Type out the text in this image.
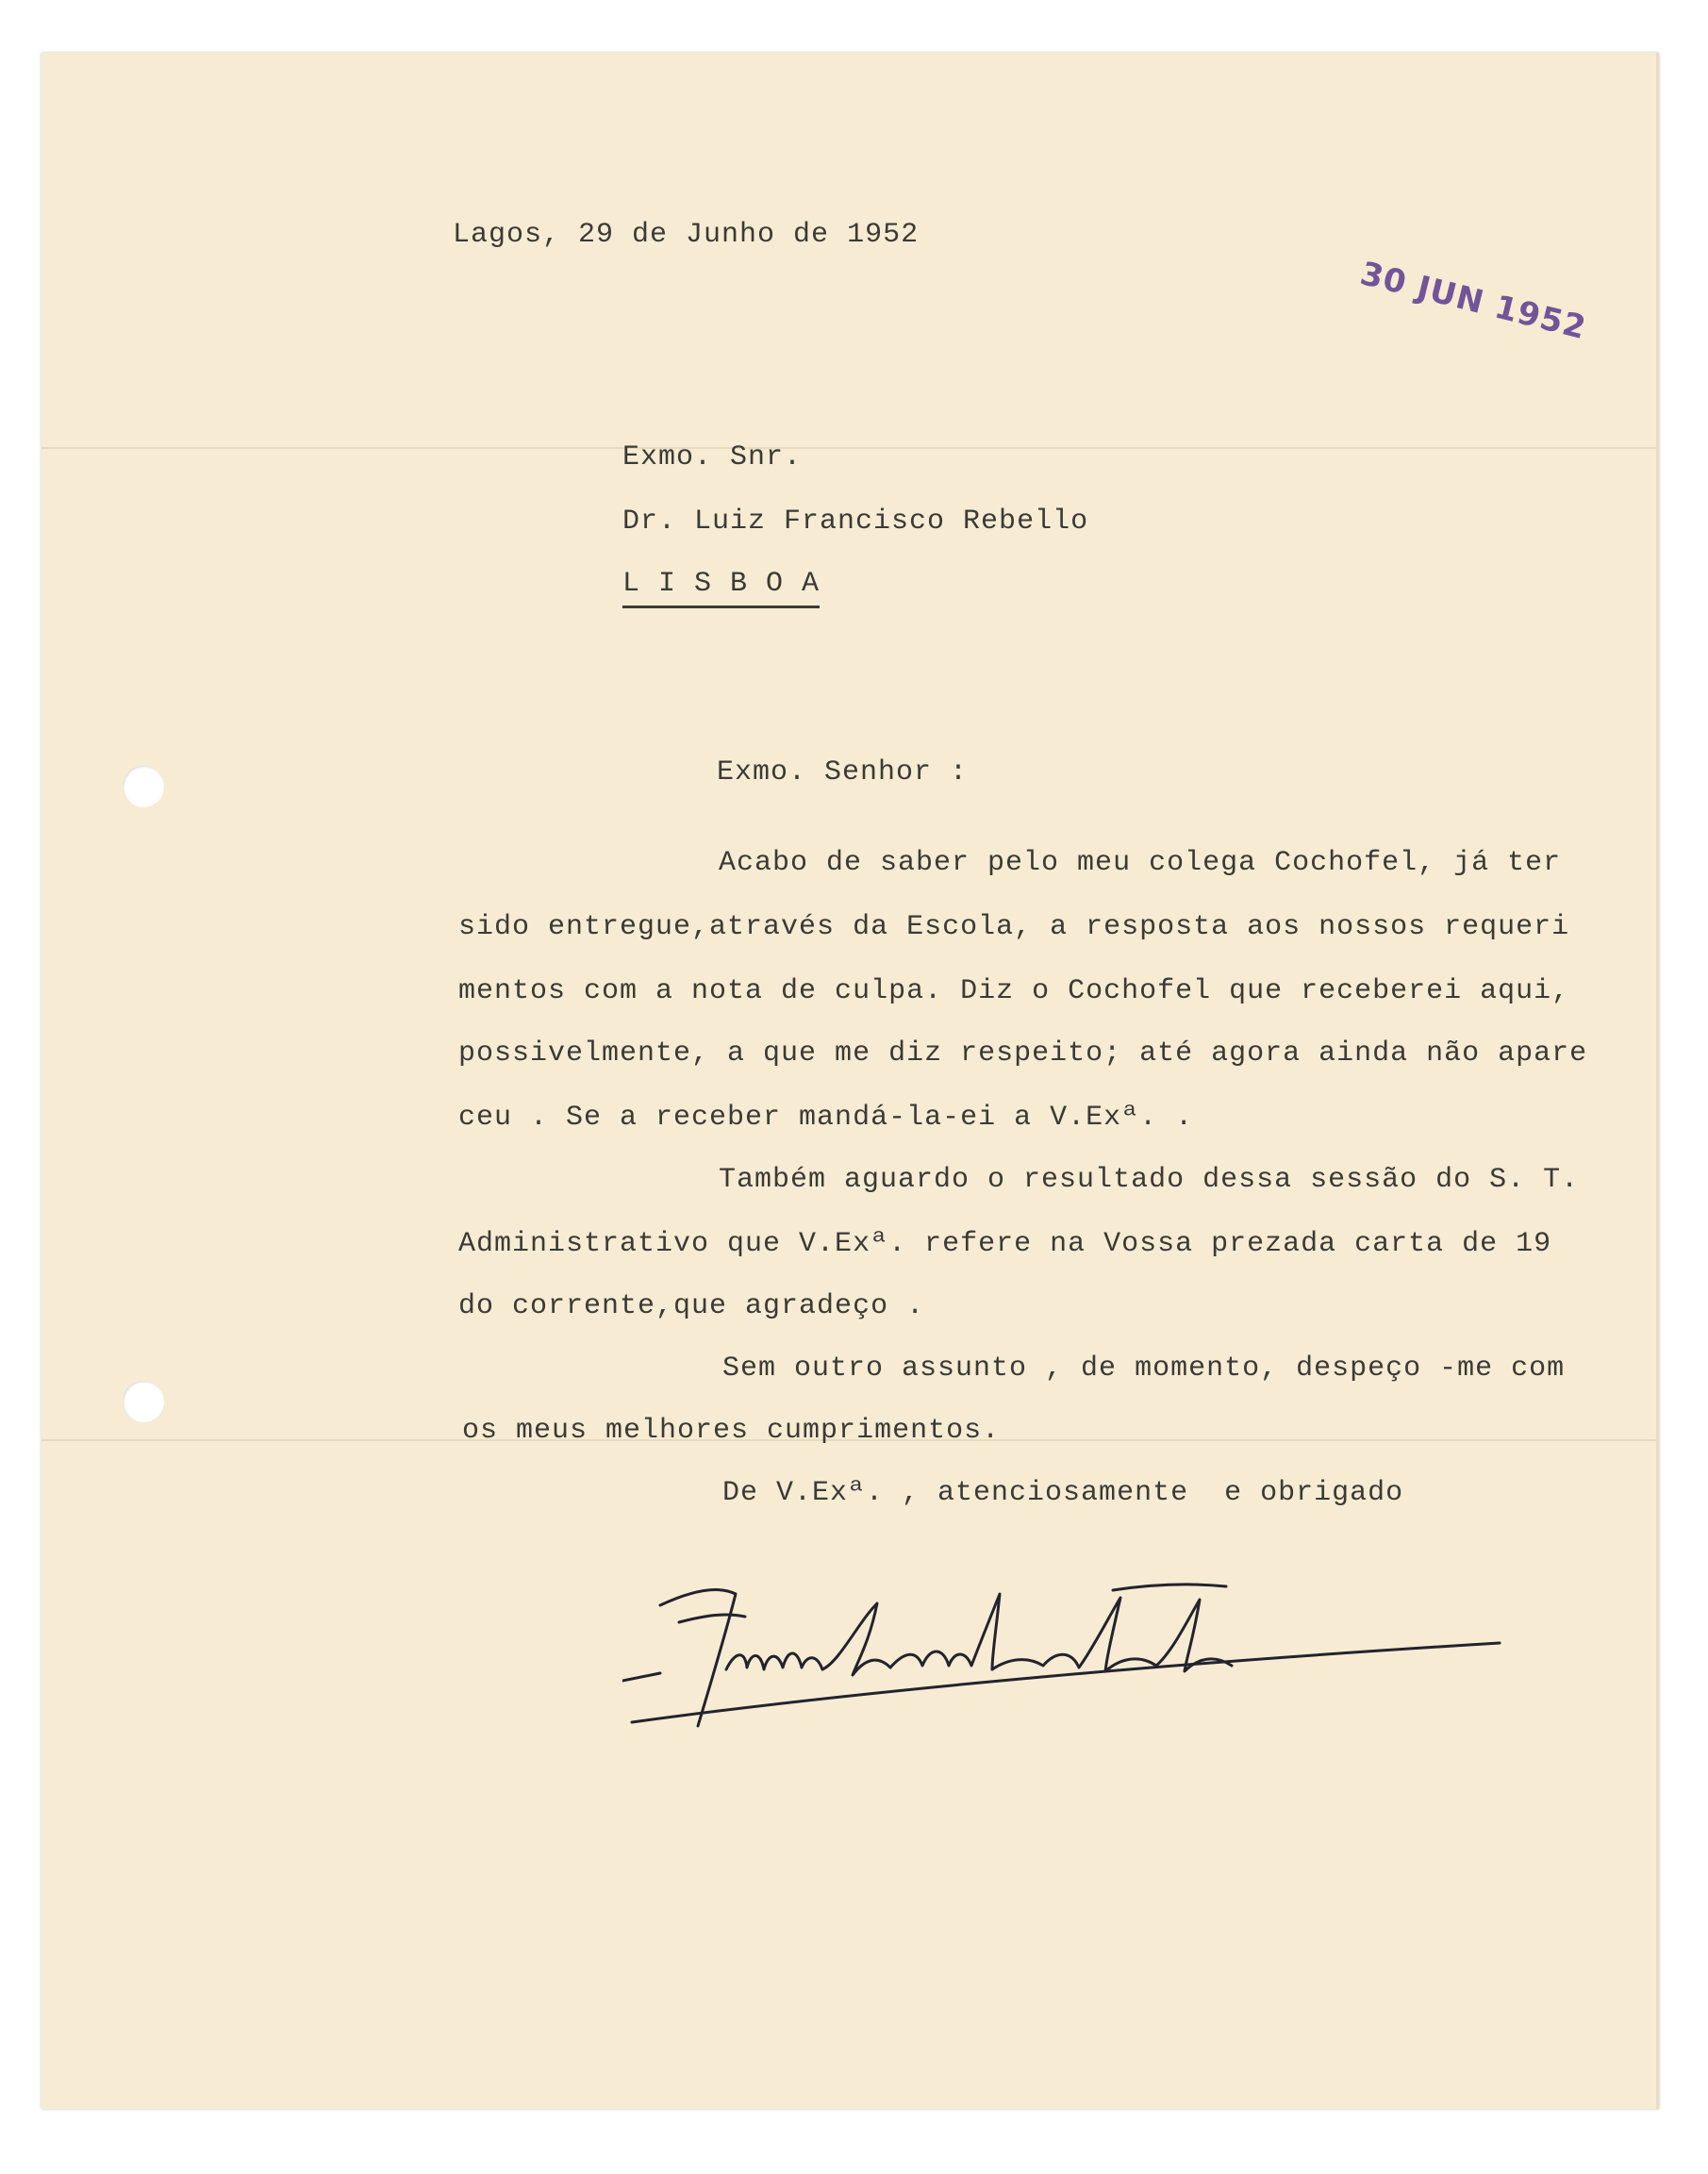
Lagos, 29 de Junho de 1952
30 JUN 1952
Exmo. Snr.
Dr. Luiz Francisco Rebello
L I S B O A
Exmo. Senhor :
Acabo de saber pelo meu colega Cochofel, já ter
sido entregue,através da Escola, a resposta aos nossos requeri
mentos com a nota de culpa. Diz o Cochofel que receberei aqui,
possivelmente, a que me diz respeito; até agora ainda não apare
ceu . Se a receber mandá-la-ei a V.Exª. .
Também aguardo o resultado dessa sessão do S. T.
Administrativo que V.Exª. refere na Vossa prezada carta de 19
do corrente,que agradeço .
Sem outro assunto , de momento, despeço -me com
os meus melhores cumprimentos.
De V.Exª. , atenciosamente  e obrigado
